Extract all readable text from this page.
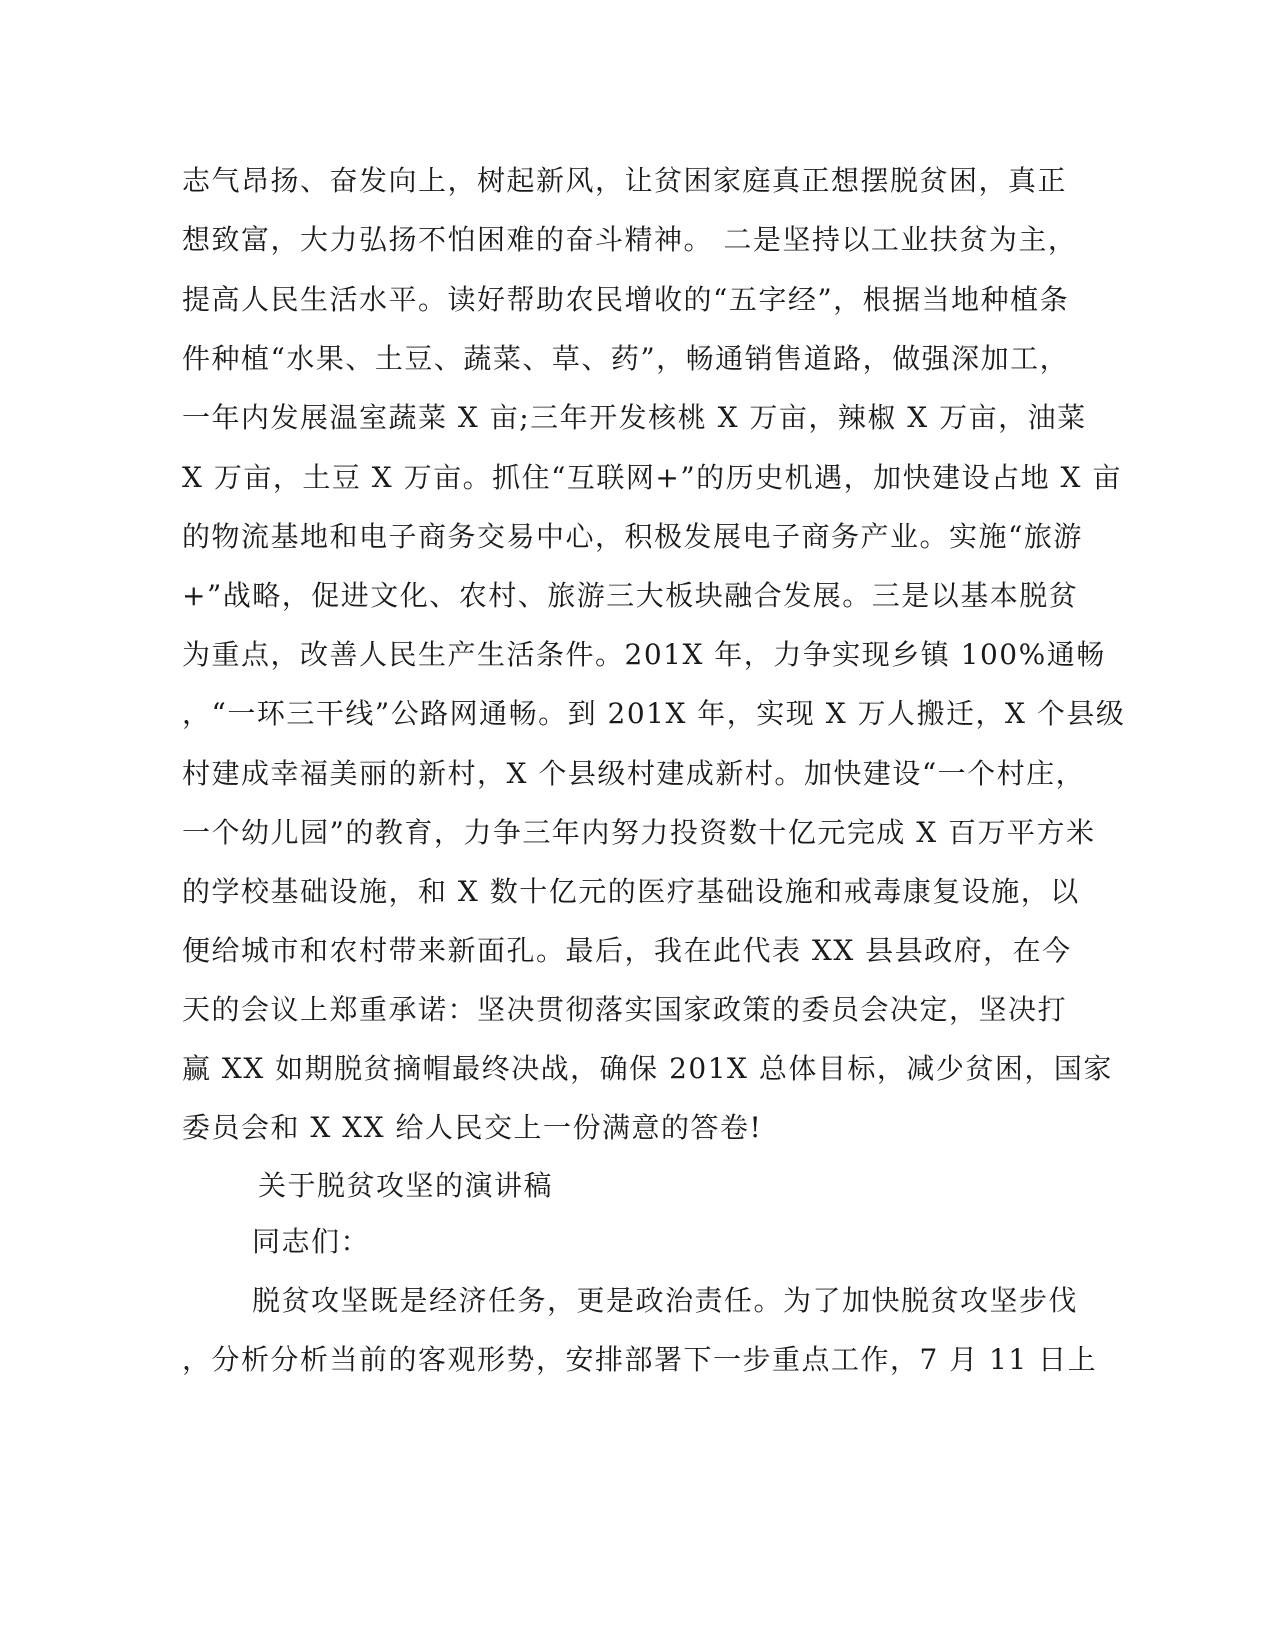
志气昂扬、奋发向上，树起新风，让贫困家庭真正想摆脱贫困，真正
想致富，大力弘扬不怕困难的奋斗精神。 二是坚持以工业扶贫为主，
提高人民生活水平。读好帮助农民增收的“五字经”，根据当地种植条
件种植“水果、土豆、蔬菜、草、药”，畅通销售道路，做强深加工，
一年内发展温室蔬菜 X 亩;三年开发核桃 X 万亩，辣椒 X 万亩，油菜
X 万亩，土豆 X 万亩。抓住“互联网+”的历史机遇，加快建设占地 X 亩
的物流基地和电子商务交易中心，积极发展电子商务产业。实施“旅游
+”战略，促进文化、农村、旅游三大板块融合发展。三是以基本脱贫
为重点，改善人民生产生活条件。201X 年，力争实现乡镇 100%通畅
，“一环三干线”公路网通畅。到 201X 年，实现 X 万人搬迁，X 个县级
村建成幸福美丽的新村，X 个县级村建成新村。加快建设“一个村庄，
一个幼儿园”的教育，力争三年内努力投资数十亿元完成 X 百万平方米
的学校基础设施，和 X 数十亿元的医疗基础设施和戒毒康复设施，以
便给城市和农村带来新面孔。最后，我在此代表 XX 县县政府，在今
天的会议上郑重承诺：坚决贯彻落实国家政策的委员会决定，坚决打
赢 XX 如期脱贫摘帽最终决战，确保 201X 总体目标，减少贫困，国家
委员会和 X XX 给人民交上一份满意的答卷!
关于脱贫攻坚的演讲稿
同志们：
脱贫攻坚既是经济任务，更是政治责任。为了加快脱贫攻坚步伐
，分析分析当前的客观形势，安排部署下一步重点工作，7 月 11 日上
